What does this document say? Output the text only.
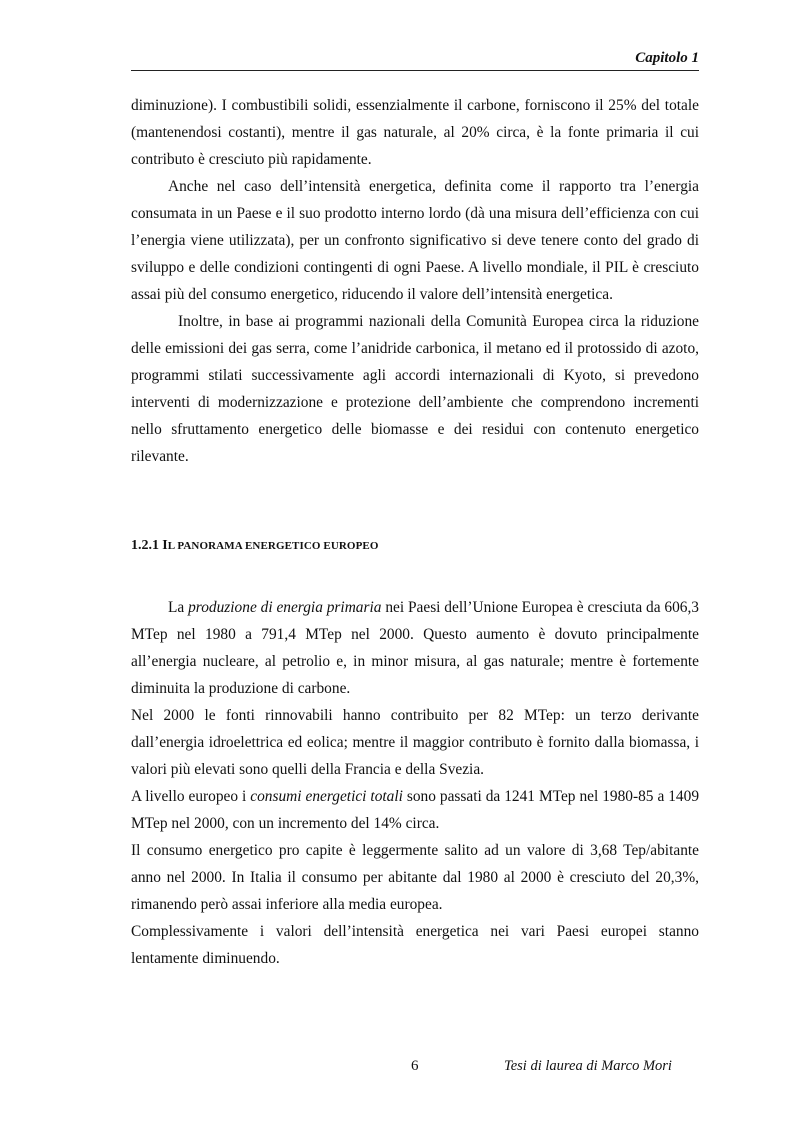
Capitolo 1

diminuzione). I combustibili solidi, essenzialmente il carbone, forniscono il 25% del totale (mantenendosi costanti), mentre il gas naturale, al 20% circa, è la fonte primaria il cui contributo è cresciuto più rapidamente.

Anche nel caso dell’intensità energetica, definita come il rapporto tra l’energia consumata in un Paese e il suo prodotto interno lordo (dà una misura dell’efficienza con cui l’energia viene utilizzata), per un confronto significativo si deve tenere conto del grado di sviluppo e delle condizioni contingenti di ogni Paese. A livello mondiale, il PIL è cresciuto assai più del consumo energetico, riducendo il valore dell’intensità energetica.

Inoltre, in base ai programmi nazionali della Comunità Europea circa la riduzione delle emissioni dei gas serra, come l’anidride carbonica, il metano ed il protossido di azoto, programmi stilati successivamente agli accordi internazionali di Kyoto, si prevedono interventi di modernizzazione e protezione dell’ambiente che comprendono incrementi nello sfruttamento energetico delle biomasse e dei residui con contenuto energetico rilevante.

1.2.1 IL PANORAMA ENERGETICO EUROPEO

La produzione di energia primaria nei Paesi dell’Unione Europea è cresciuta da 606,3 MTep nel 1980 a 791,4 MTep nel 2000. Questo aumento è dovuto principalmente all’energia nucleare, al petrolio e, in minor misura, al gas naturale; mentre è fortemente diminuita la produzione di carbone.

Nel 2000 le fonti rinnovabili hanno contribuito per 82 MTep: un terzo derivante dall’energia idroelettrica ed eolica; mentre il maggior contributo è fornito dalla biomassa, i valori più elevati sono quelli della Francia e della Svezia.

A livello europeo i consumi energetici totali sono passati da 1241 MTep nel 1980-85 a 1409 MTep nel 2000, con un incremento del 14% circa.

Il consumo energetico pro capite è leggermente salito ad un valore di 3,68 Tep/abitante anno nel 2000. In Italia il consumo per abitante dal 1980 al 2000 è cresciuto del 20,3%, rimanendo però assai inferiore alla media europea.

Complessivamente i valori dell’intensità energetica nei vari Paesi europei stanno lentamente diminuendo.

6	Tesi di laurea di Marco Mori
